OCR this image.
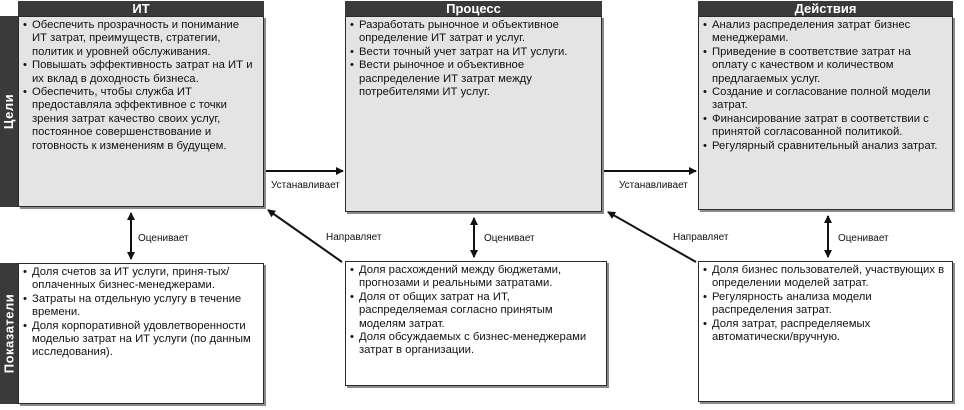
Цели
Показатели
ИТ	Процесс	Действия
• Обеспечить прозрачность и понимание ИТ затрат, преимуществ, стратегии, политик и уровней обслуживания.
• Повышать эффективность затрат на ИТ и их вклад в доходность бизнеса.
• Обеспечить, чтобы служба ИТ предоставляла эффективное с точки зрения затрат качество своих услуг, постоянное совершенствование и готовность к изменениям в будущем.
• Разработать рыночное и объективное определение ИТ затрат и услуг.
• Вести точный учет затрат на ИТ услуги.
• Вести рыночное и объективное распределение ИТ затрат между потребителями ИТ услуг.
• Анализ распределения затрат бизнес менеджерами.
• Приведение в соответствие затрат на оплату с качеством и количеством предлагаемых услуг.
• Создание и согласование полной модели затрат.
• Финансирование затрат в соответствии с принятой согласованной политикой.
• Регулярный сравнительный анализ затрат.
• Доля счетов за ИТ услуги, приня-тых/оплаченных бизнес-менеджерами.
• Затраты на отдельную услугу в течение времени.
• Доля корпоративной удовлетворенности моделью затрат на ИТ услуги (по данным исследования).
• Доля расхождений между бюджетами, прогнозами и реальными затратами.
• Доля от общих затрат на ИТ, распределяемая согласно принятым моделям затрат.
• Доля обсуждаемых с бизнес-менеджерами затрат в организации.
• Доля бизнес пользователей, участвующих в определении моделей затрат.
• Регулярность анализа модели распределения затрат.
• Доля затрат, распределяемых автоматически/вручную.
Устанавливает	Устанавливает
Оценивает	Оценивает	Оценивает
Направляет	Направляет
